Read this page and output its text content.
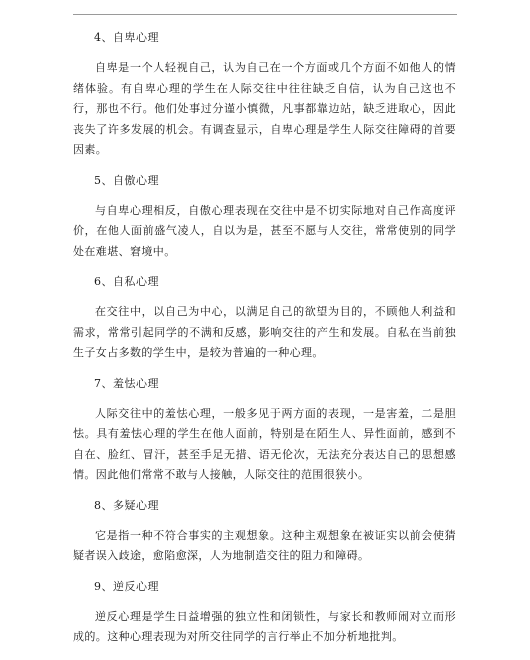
4、自卑心理

自卑是一个人轻视自己，认为自己在一个方面或几个方面不如他人的情绪体验。有自卑心理的学生在人际交往中往往缺乏自信，认为自己这也不行，那也不行。他们处事过分谨小慎微，凡事都靠边站，缺乏进取心，因此丧失了许多发展的机会。有调查显示，自卑心理是学生人际交往障碍的首要因素。

5、自傲心理

与自卑心理相反，自傲心理表现在交往中是不切实际地对自己作高度评价，在他人面前盛气凌人，自以为是，甚至不愿与人交往，常常使别的同学处在难堪、窘境中。

6、自私心理

在交往中，以自己为中心，以满足自己的欲望为目的，不顾他人利益和需求，常常引起同学的不满和反感，影响交往的产生和发展。自私在当前独生子女占多数的学生中，是较为普遍的一种心理。

7、羞怯心理

人际交往中的羞怯心理，一般多见于两方面的表现，一是害羞，二是胆怯。具有羞怯心理的学生在他人面前，特别是在陌生人、异性面前，感到不自在、脸红、冒汗，甚至手足无措、语无伦次，无法充分表达自己的思想感情。因此他们常常不敢与人接触，人际交往的范围很狭小。

8、多疑心理

它是指一种不符合事实的主观想象。这种主观想象在被证实以前会使猜疑者误入歧途，愈陷愈深，人为地制造交往的阻力和障碍。

9、逆反心理

逆反心理是学生日益增强的独立性和闭锁性，与家长和教师闹对立而形成的。这种心理表现为对所交往同学的言行举止不加分析地批判。
